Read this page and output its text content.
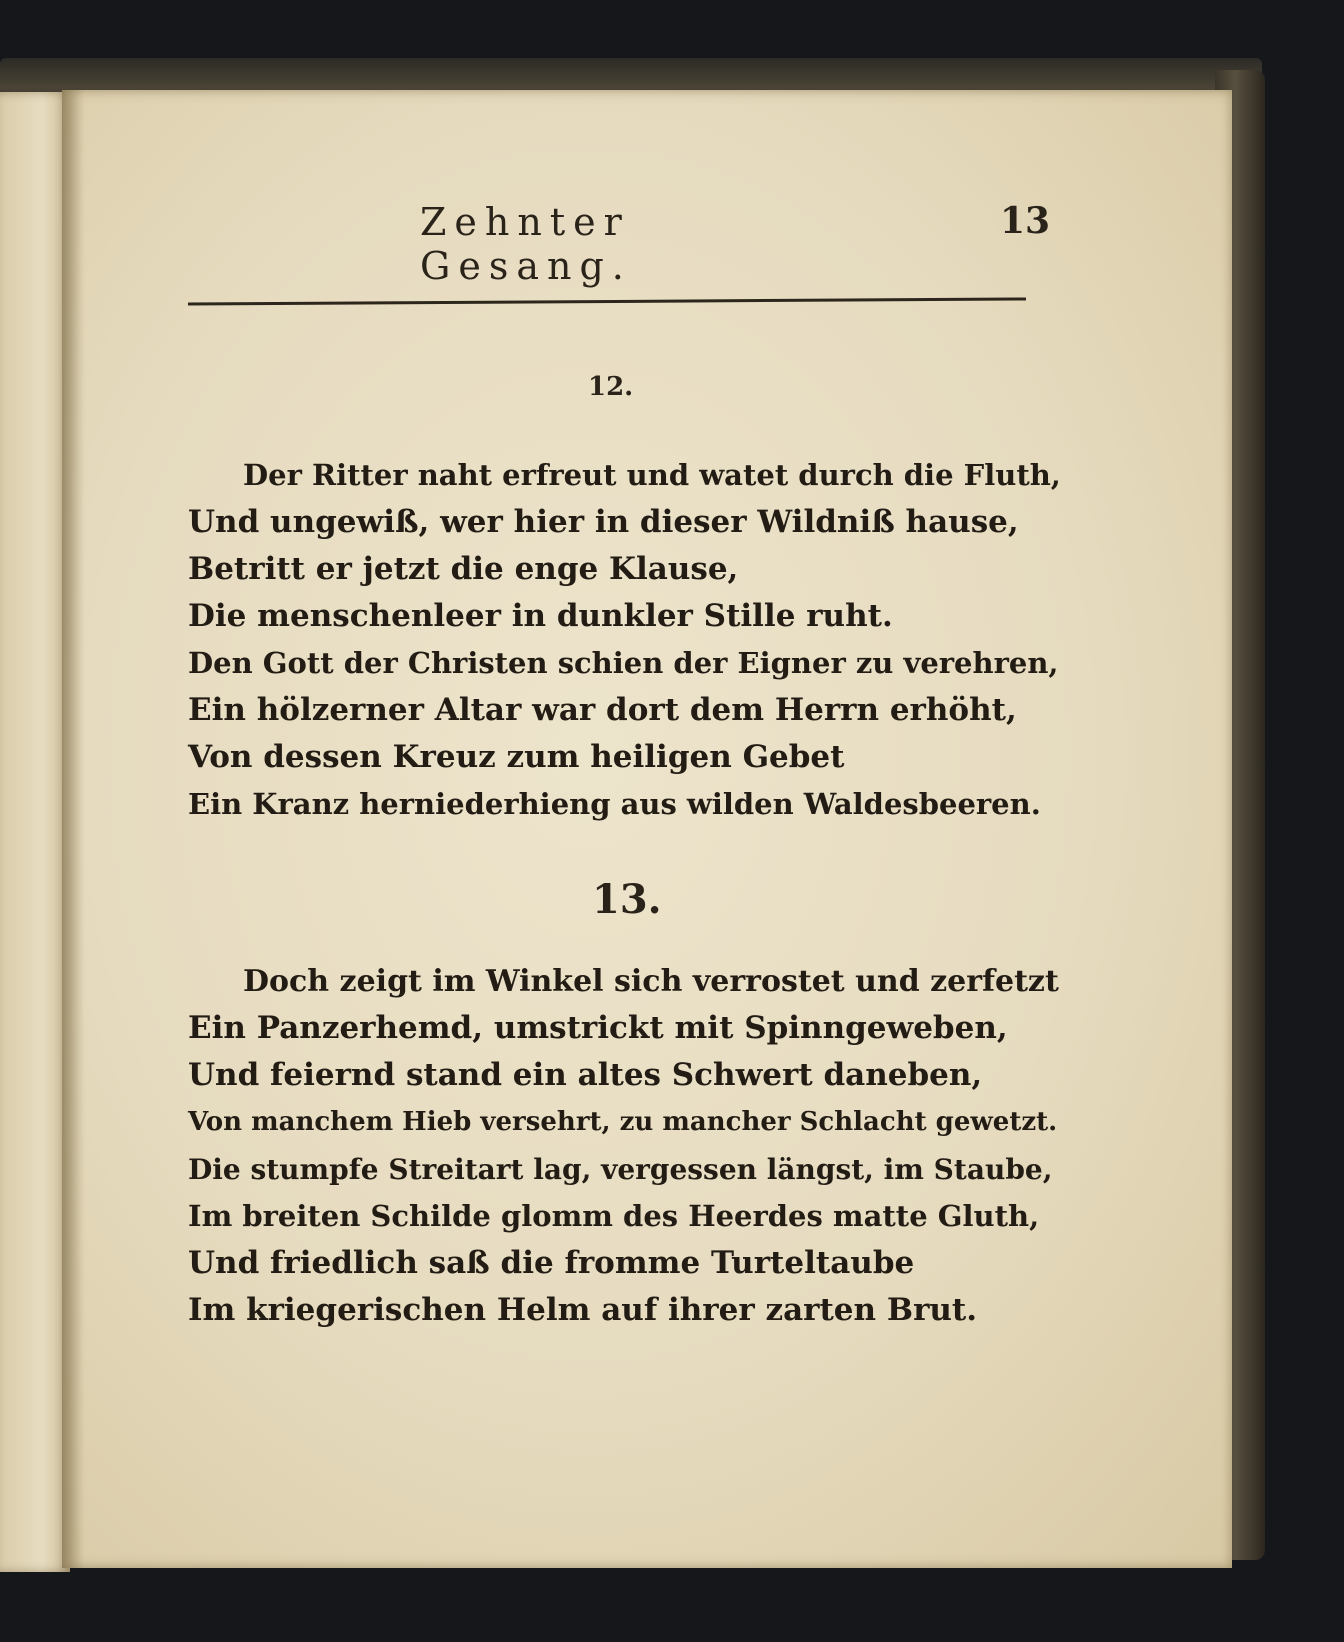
Zehnter Gesang.
13
12.
Der Ritter naht erfreut und watet durch die Fluth,
Und ungewiß, wer hier in dieser Wildniß hause,
Betritt er jetzt die enge Klause,
Die menschenleer in dunkler Stille ruht.
Den Gott der Christen schien der Eigner zu verehren,
Ein hölzerner Altar war dort dem Herrn erhöht,
Von dessen Kreuz zum heiligen Gebet
Ein Kranz herniederhieng aus wilden Waldesbeeren.
13.
Doch zeigt im Winkel sich verrostet und zerfetzt
Ein Panzerhemd, umstrickt mit Spinngeweben,
Und feiernd stand ein altes Schwert daneben,
Von manchem Hieb versehrt, zu mancher Schlacht gewetzt.
Die stumpfe Streitart lag, vergessen längst, im Staube,
Im breiten Schilde glomm des Heerdes matte Gluth,
Und friedlich saß die fromme Turteltaube
Im kriegerischen Helm auf ihrer zarten Brut.
